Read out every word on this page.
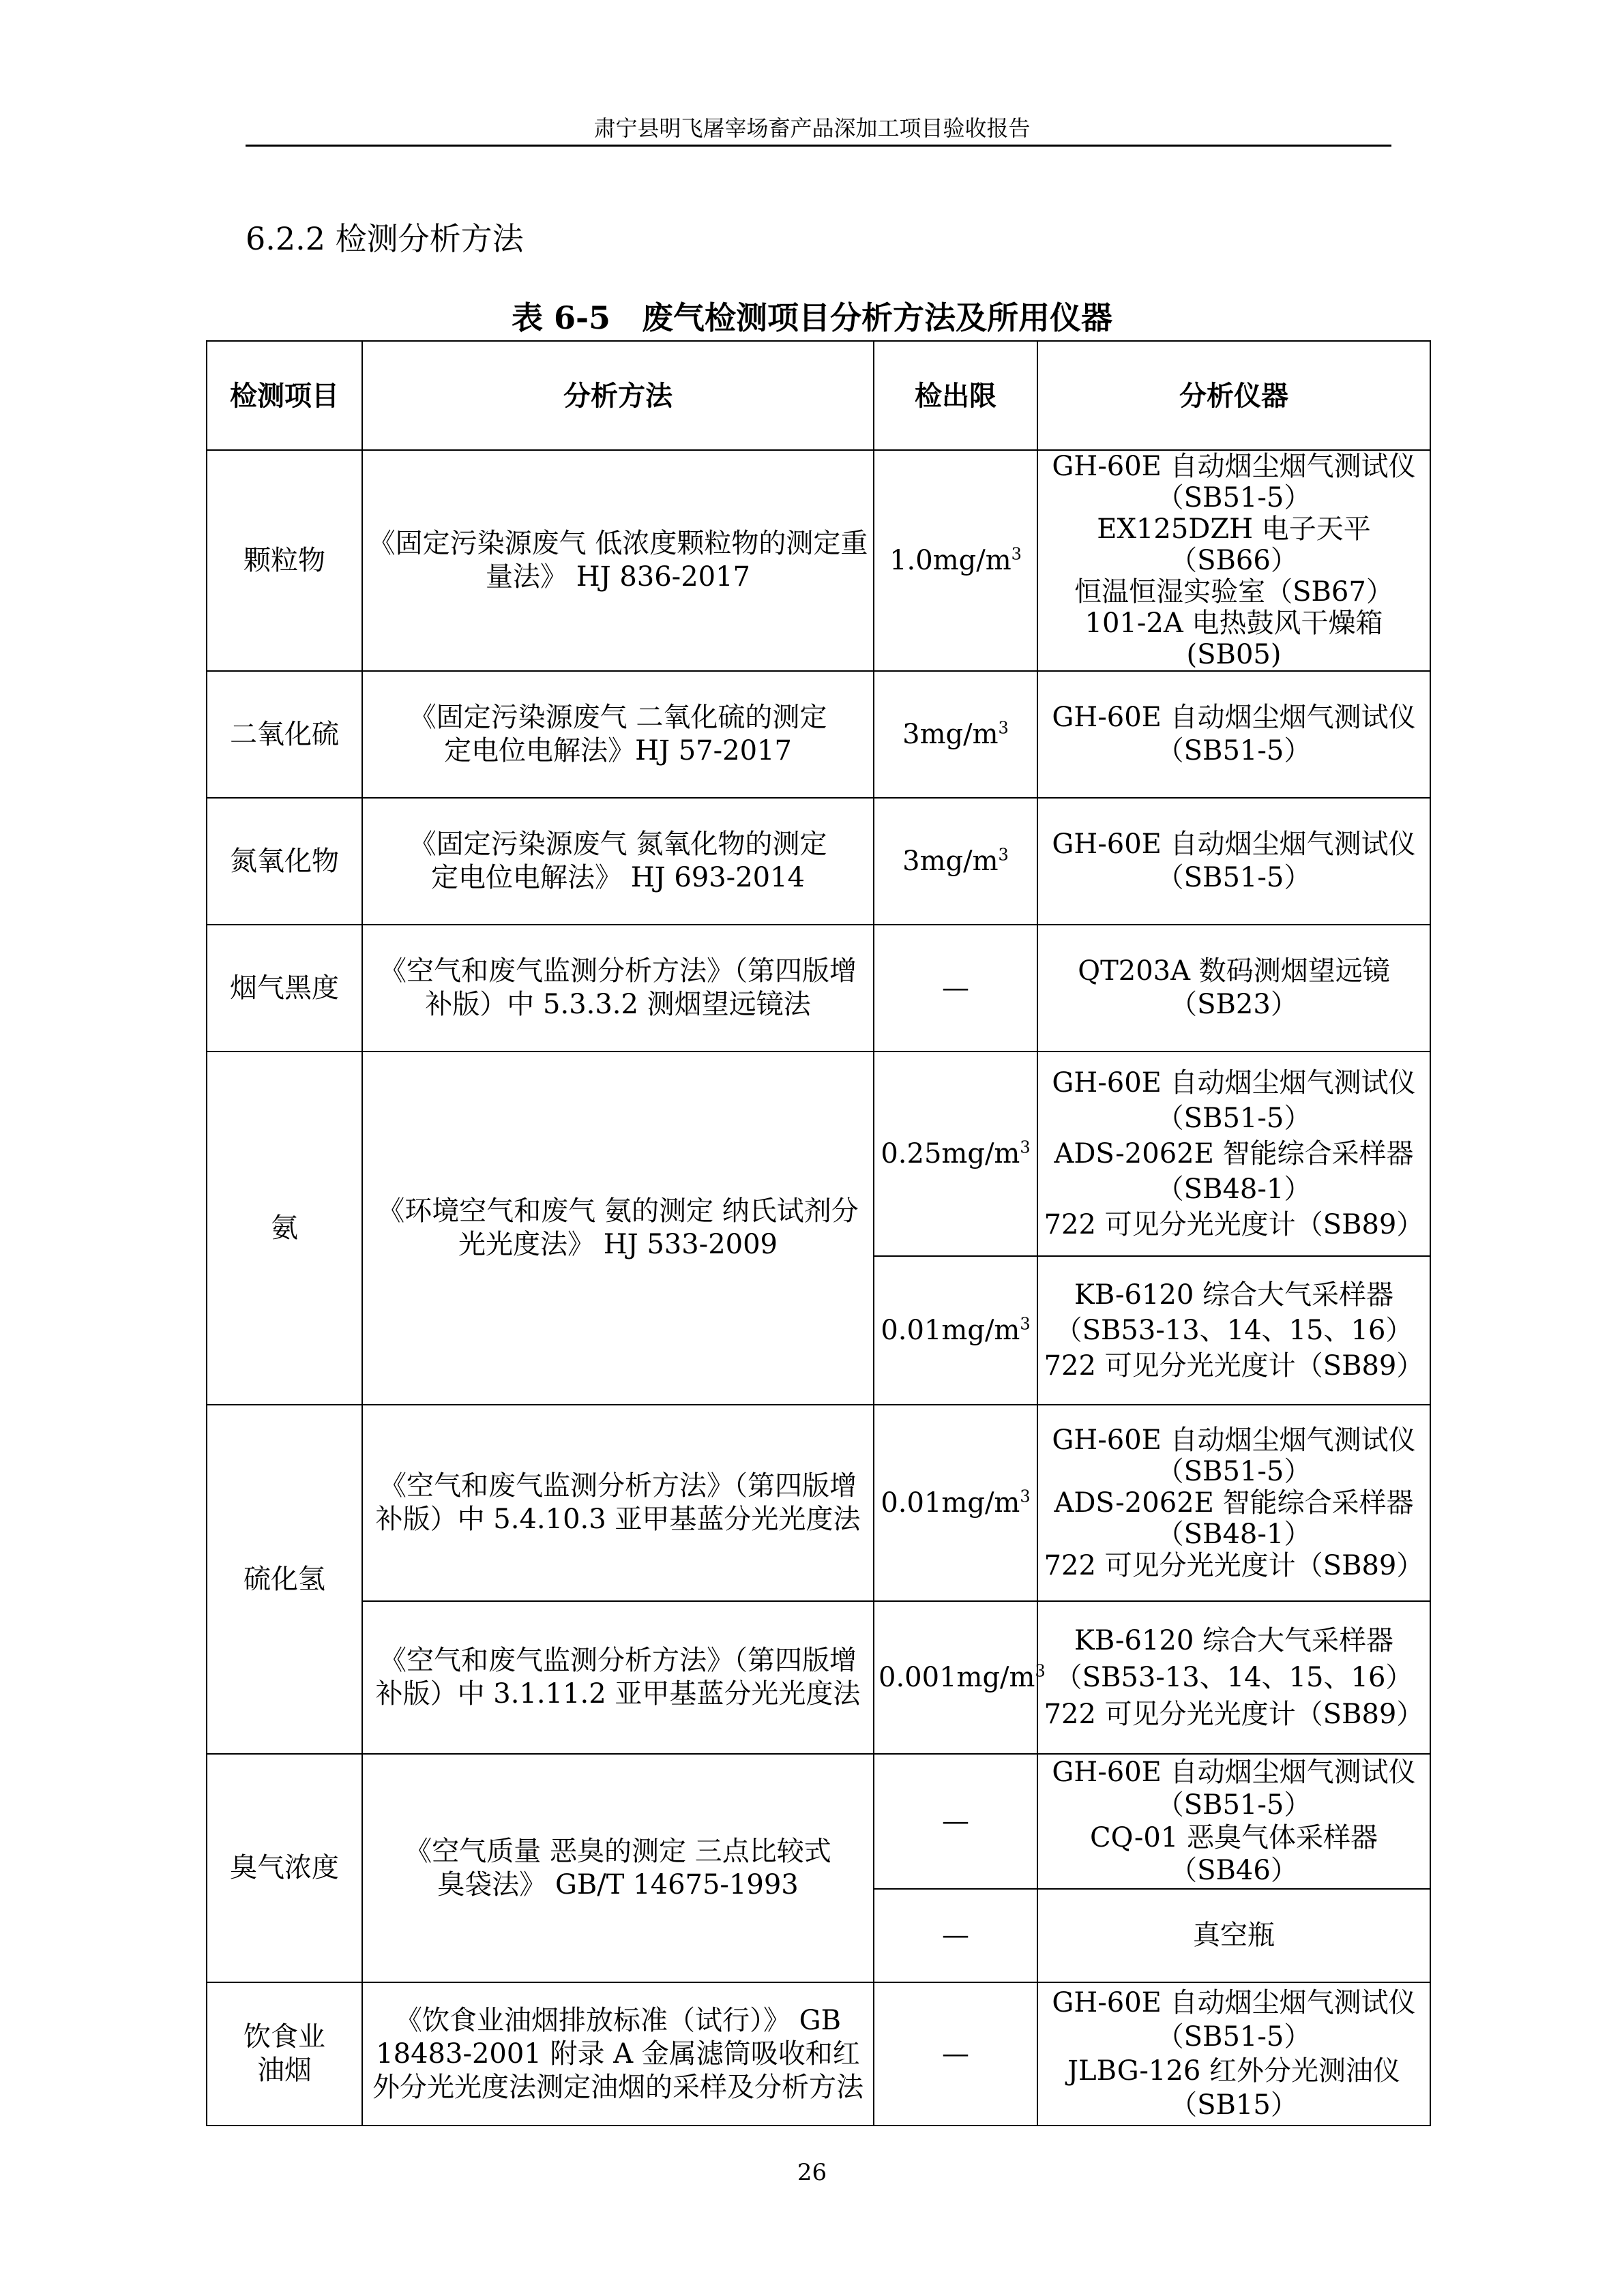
肃宁县明飞屠宰场畜产品深加工项目验收报告
6.2.2 检测分析方法
表 6-5　废气检测项目分析方法及所用仪器
检测项目	分析方法	检出限	分析仪器
颗粒物	《固定污染源废气 低浓度颗粒物的测定重量法》 HJ 836-2017	$1.0mg/m^3$	GH-60E 自动烟尘烟气测试仪
（SB51-5）
EX125DZH 电子天平（SB66）
恒温恒湿实验室（SB67）
101-2A 电热鼓风干燥箱(SB05)
二氧化硫	《固定污染源废气 二氧化硫的测定
定电位电解法》HJ 57-2017	$3mg/m^3$	GH-60E 自动烟尘烟气测试仪
（SB51-5）
氮氧化物	《固定污染源废气 氮氧化物的测定
定电位电解法》 HJ 693-2014	$3mg/m^3$	GH-60E 自动烟尘烟气测试仪
（SB51-5）
烟气黑度	《空气和废气监测分析方法》（第四版增补版）中 5.3.3.2 测烟望远镜法	—	QT203A 数码测烟望远镜
（SB23）
氨	《环境空气和废气 氨的测定 纳氏试剂分光光度法》 HJ 533-2009	$0.25mg/m^3$	GH-60E 自动烟尘烟气测试仪
（SB51-5）
ADS-2062E 智能综合采样器
（SB48-1）
722 可见分光光度计（SB89）
		$0.01mg/m^3$	KB-6120 综合大气采样器
（SB53-13、14、15、16）
722 可见分光光度计（SB89）
硫化氢	《空气和废气监测分析方法》（第四版增补版）中 5.4.10.3 亚甲基蓝分光光度法	$0.01mg/m^3$	GH-60E 自动烟尘烟气测试仪
（SB51-5）
ADS-2062E 智能综合采样器
（SB48-1）
722 可见分光光度计（SB89）
	《空气和废气监测分析方法》（第四版增补版）中 3.1.11.2 亚甲基蓝分光光度法	$0.001mg/m^3$	KB-6120 综合大气采样器
（SB53-13、14、15、16）
722 可见分光光度计（SB89）
臭气浓度	《空气质量 恶臭的测定 三点比较式
臭袋法》 GB/T 14675-1993	—	GH-60E 自动烟尘烟气测试仪
（SB51-5）
CQ-01 恶臭气体采样器（SB46）
		—	真空瓶
饮食业
油烟	《饮食业油烟排放标准（试行）》 GB 18483-2001 附录 A 金属滤筒吸收和红外分光光度法测定油烟的采样及分析方法	—	GH-60E 自动烟尘烟气测试仪
（SB51-5）
JLBG-126 红外分光测油仪
（SB15）
26
